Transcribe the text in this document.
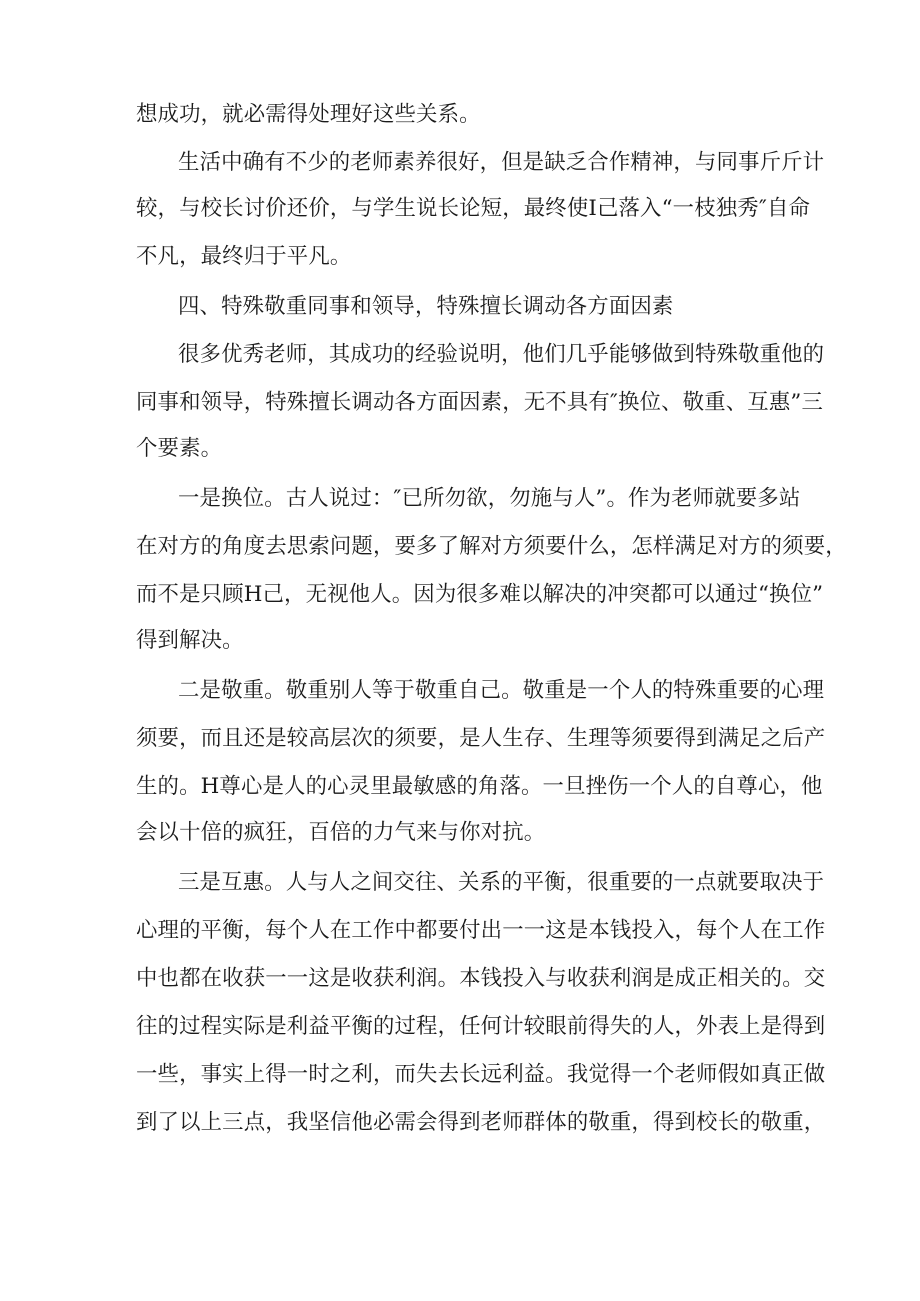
想成功，就必需得处理好这些关系。
生活中确有不少的老师素养很好，但是缺乏合作精神，与同事斤斤计
较，与校长讨价还价，与学生说长论短，最终使Ⅰ己落入“一枝独秀″自命
不凡，最终归于平凡。
四、特殊敬重同事和领导，特殊擅长调动各方面因素
很多优秀老师，其成功的经验说明，他们几乎能够做到特殊敬重他的
同事和领导，特殊擅长调动各方面因素，无不具有″换位、敬重、互惠”三
个要素。
一是换位。古人说过：″已所勿欲，勿施与人”。作为老师就要多站
在对方的角度去思索问题，要多了解对方须要什么，怎样满足对方的须要，
而不是只顾H己，无视他人。因为很多难以解决的冲突都可以通过“换位”
得到解决。
二是敬重。敬重别人等于敬重自己。敬重是一个人的特殊重要的心理
须要，而且还是较高层次的须要，是人生存、生理等须要得到满足之后产
生的。H尊心是人的心灵里最敏感的角落。一旦挫伤一个人的自尊心，他
会以十倍的疯狂，百倍的力气来与你对抗。
三是互惠。人与人之间交往、关系的平衡，很重要的一点就要取决于
心理的平衡，每个人在工作中都要付出一一这是本钱投入，每个人在工作
中也都在收获一一这是收获利润。本钱投入与收获利润是成正相关的。交
往的过程实际是利益平衡的过程，任何计较眼前得失的人，外表上是得到
一些，事实上得一时之利，而失去长远利益。我觉得一个老师假如真正做
到了以上三点，我坚信他必需会得到老师群体的敬重，得到校长的敬重，
